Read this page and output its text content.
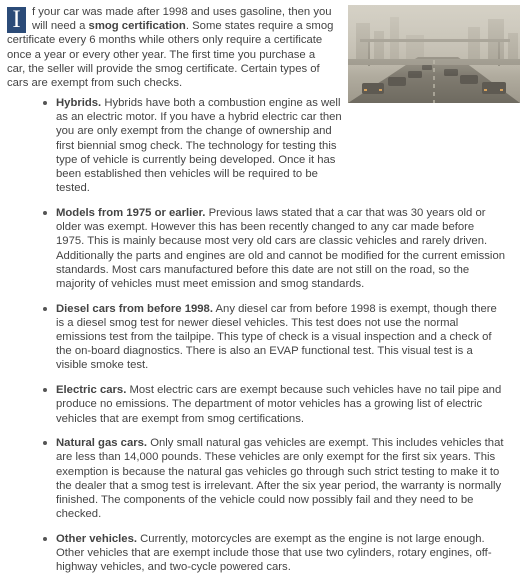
I	f your car was made after 1998 and uses gasoline, then you will need a smog certification. Some states require a smog certificate every 6 months while others only require a certificate once a year or every other year. The first time you purchase a car, the seller will provide the smog certificate. Certain types of cars are exempt from such checks.

Hybrids. Hybrids have both a combustion engine as well as an electric motor. If you have a hybrid electric car then you are only exempt from the change of ownership and first biennial smog check. The technology for testing this type of vehicle is currently being developed. Once it has been established then vehicles will be required to be tested.
Models from 1975 or earlier. Previous laws stated that a car that was 30 years old or older was exempt. However this has been recently changed to any car made before 1975. This is mainly because most very old cars are classic vehicles and rarely driven. Additionally the parts and engines are old and cannot be modified for the current emission standards. Most cars manufactured before this date are not still on the road, so the majority of vehicles must meet emission and smog standards.
Diesel cars from before 1998. Any diesel car from before 1998 is exempt, though there is a diesel smog test for newer diesel vehicles. This test does not use the normal emissions test from the tailpipe. This type of check is a visual inspection and a check of the on-board diagnostics. There is also an EVAP functional test. This visual test is a visible smoke test.
Electric cars. Most electric cars are exempt because such vehicles have no tail pipe and produce no emissions. The department of motor vehicles has a growing list of electric vehicles that are exempt from smog certifications.
Natural gas cars. Only small natural gas vehicles are exempt. This includes vehicles that are less than 14,000 pounds. These vehicles are only exempt for the first six years. This exemption is because the natural gas vehicles go through such strict testing to make it to the dealer that a smog test is irrelevant. After the six year period, the warranty is normally finished. The components of the vehicle could now possibly fail and they need to be checked.
Other vehicles. Currently, motorcycles are exempt as the engine is not large enough. Other vehicles that are exempt include those that use two cylinders, rotary engines, off-highway vehicles, and two-cycle powered cars.
